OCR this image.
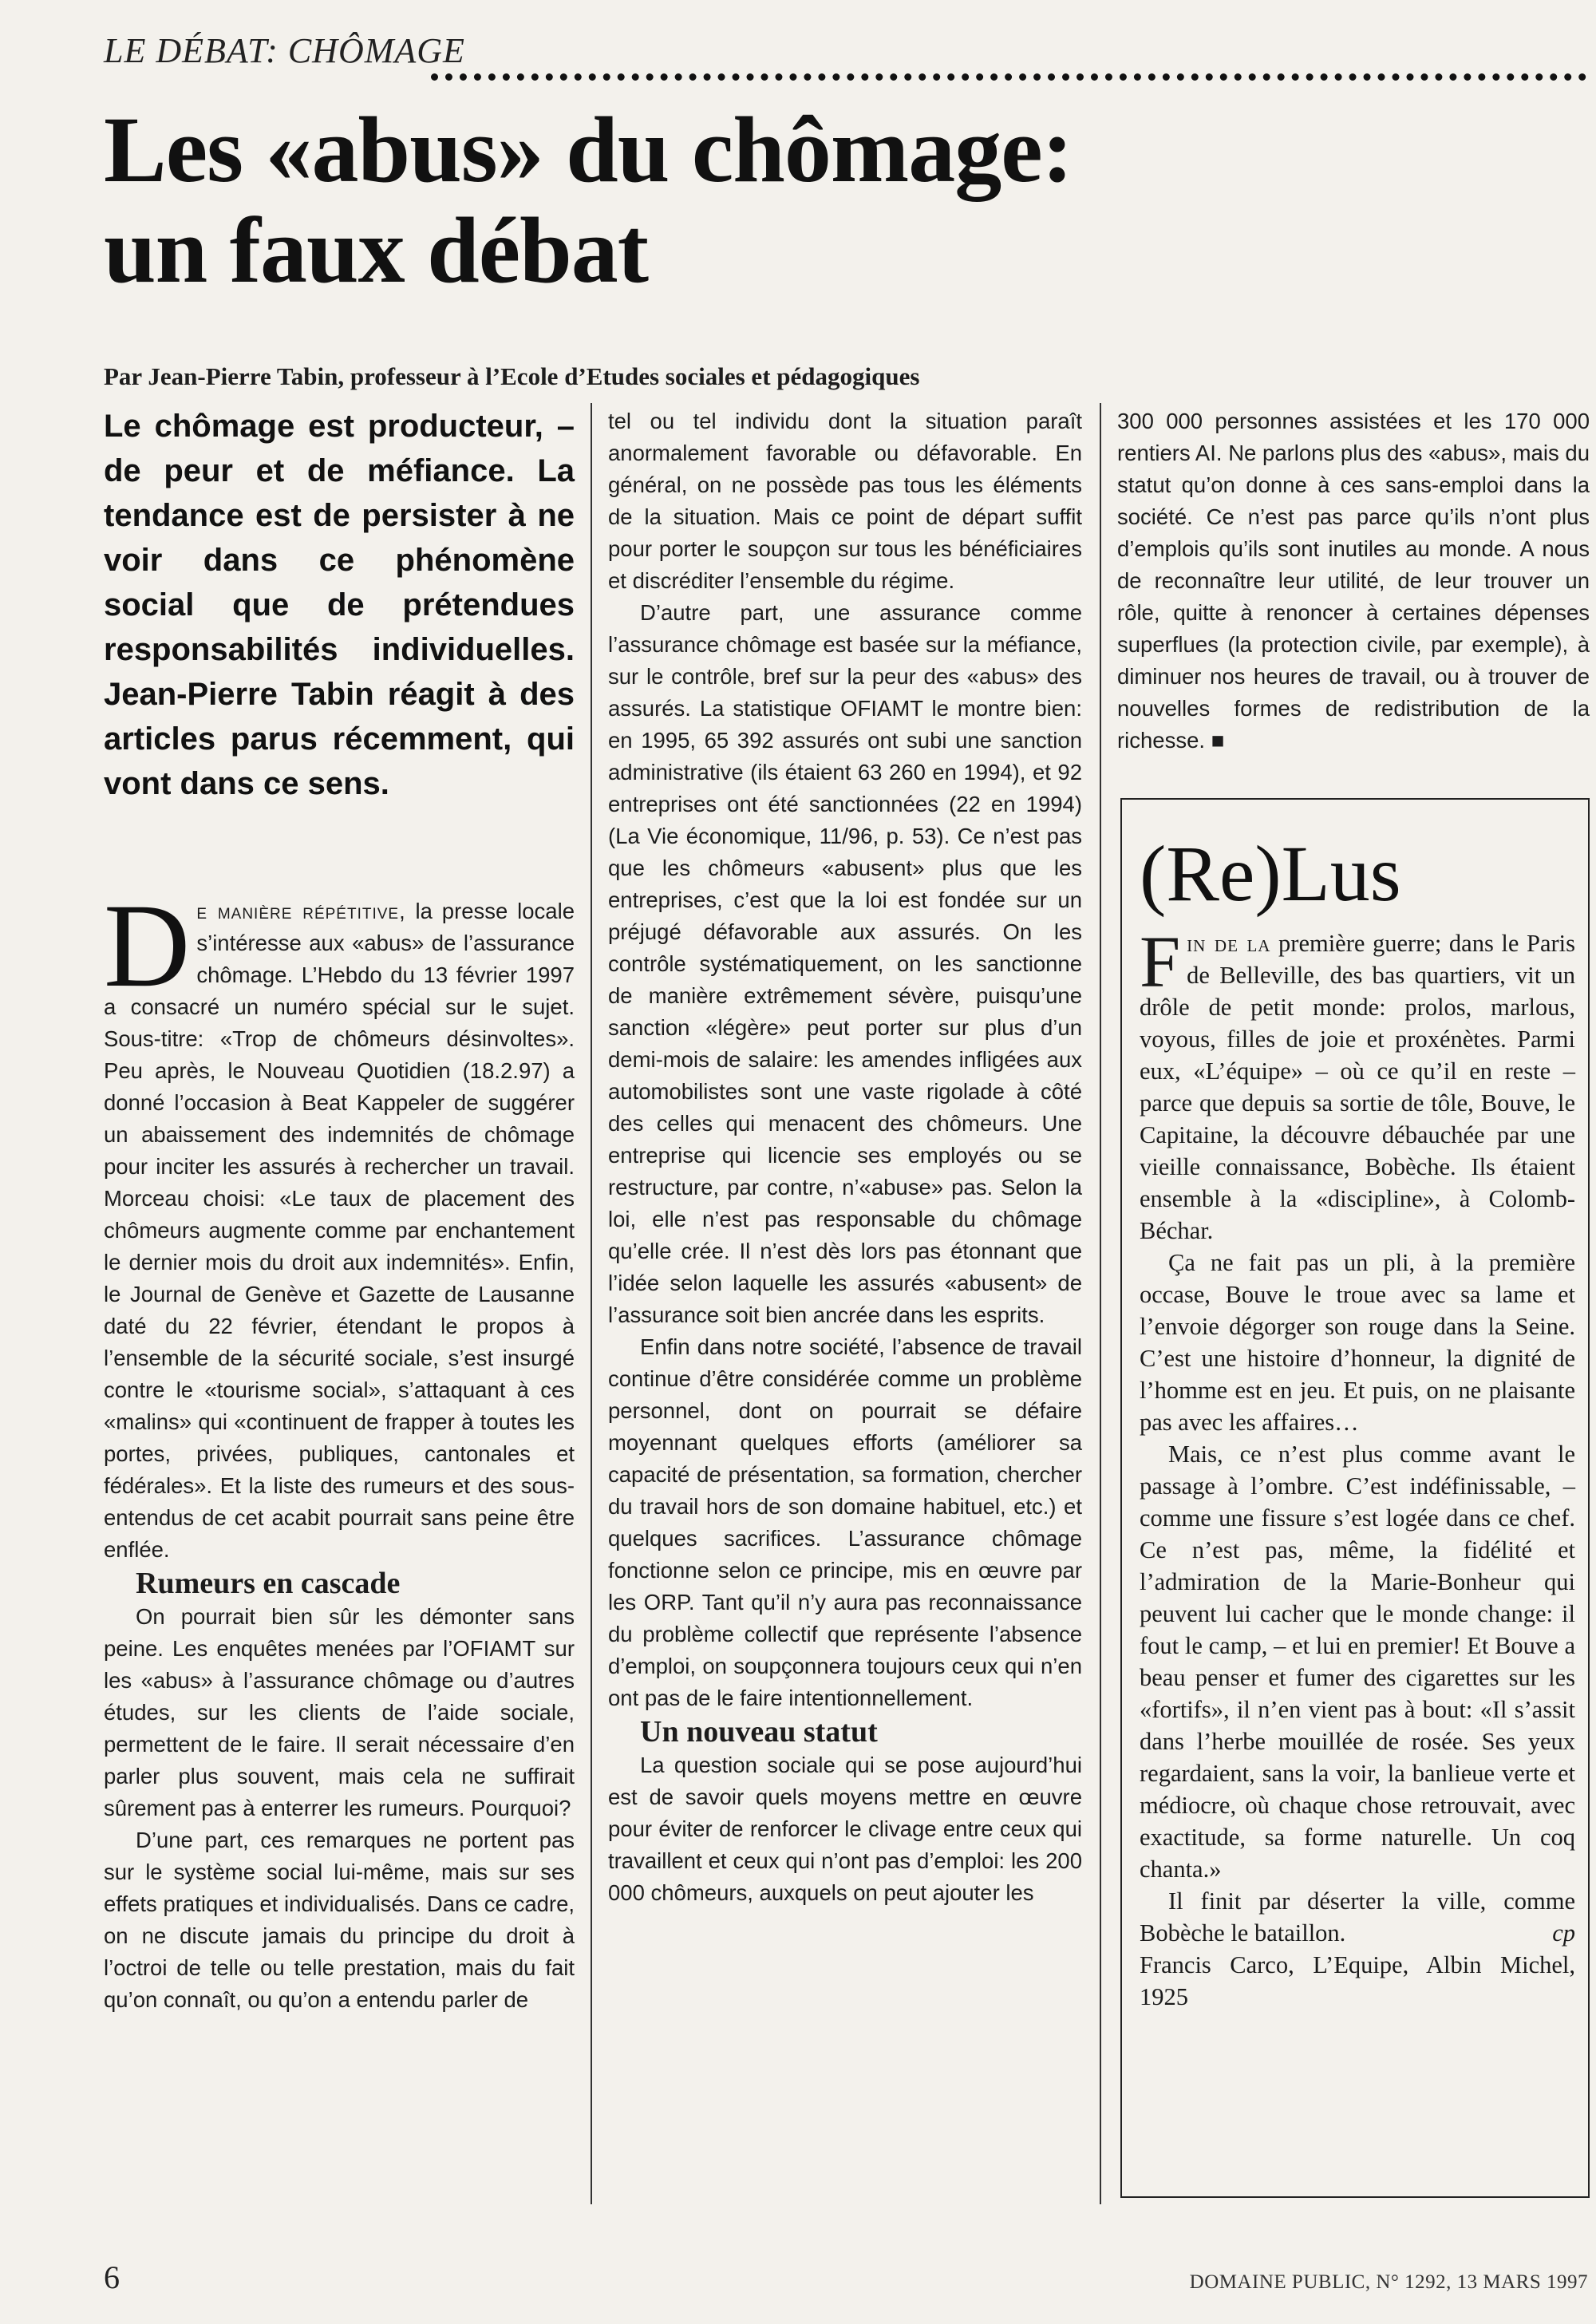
LE DÉBAT: CHÔMAGE
Les «abus» du chômage:
un faux débat
Par Jean-Pierre Tabin, professeur à l’Ecole d’Etudes sociales et pédagogiques
Le chômage est producteur, – de peur et de méfiance. La tendance est de persister à ne voir dans ce phénomène social que de prétendues responsabilités individuelles. Jean-Pierre Tabin réagit à des articles parus récemment, qui vont dans ce sens.

De manière répétitive, la presse locale s’intéresse aux «abus» de l’assurance chômage. L’Hebdo du 13 février 1997 a consacré un numéro spécial sur le sujet. Sous-titre: «Trop de chômeurs désinvoltes». Peu après, le Nouveau Quotidien (18.2.97) a donné l’occasion à Beat Kappeler de suggérer un abaissement des indemnités de chômage pour inciter les assurés à rechercher un travail. Morceau choisi: «Le taux de placement des chômeurs augmente comme par enchantement le dernier mois du droit aux indemnités». Enfin, le Journal de Genève et Gazette de Lausanne daté du 22 février, étendant le propos à l’ensemble de la sécurité sociale, s’est insurgé contre le «tourisme social», s’attaquant à ces «malins» qui «continuent de frapper à toutes les portes, privées, publiques, cantonales et fédérales». Et la liste des rumeurs et des sous-entendus de cet acabit pourrait sans peine être enflée.

Rumeurs en cascade

On pourrait bien sûr les démonter sans peine. Les enquêtes menées par l’OFIAMT sur les «abus» à l’assurance chômage ou d’autres études, sur les clients de l’aide sociale, permettent de le faire. Il serait nécessaire d’en parler plus souvent, mais cela ne suffirait sûrement pas à enterrer les rumeurs. Pourquoi?

D’une part, ces remarques ne portent pas sur le système social lui-même, mais sur ses effets pratiques et individualisés. Dans ce cadre, on ne discute jamais du principe du droit à l’octroi de telle ou telle prestation, mais du fait qu’on connaît, ou qu’on a entendu parler de

tel ou tel individu dont la situation paraît anormalement favorable ou défavorable. En général, on ne possède pas tous les éléments de la situation. Mais ce point de départ suffit pour porter le soupçon sur tous les bénéficiaires et discréditer l’ensemble du régime.

D’autre part, une assurance comme l’assurance chômage est basée sur la méfiance, sur le contrôle, bref sur la peur des «abus» des assurés. La statistique OFIAMT le montre bien: en 1995, 65 392 assurés ont subi une sanction administrative (ils étaient 63 260 en 1994), et 92 entreprises ont été sanctionnées (22 en 1994) (La Vie économique, 11/96, p. 53). Ce n’est pas que les chômeurs «abusent» plus que les entreprises, c’est que la loi est fondée sur un préjugé défavorable aux assurés. On les contrôle systématiquement, on les sanctionne de manière extrêmement sévère, puisqu’une sanction «légère» peut porter sur plus d’un demi-mois de salaire: les amendes infligées aux automobilistes sont une vaste rigolade à côté des celles qui menacent des chômeurs. Une entreprise qui licencie ses employés ou se restructure, par contre, n’«abuse» pas. Selon la loi, elle n’est pas responsable du chômage qu’elle crée. Il n’est dès lors pas étonnant que l’idée selon laquelle les assurés «abusent» de l’assurance soit bien ancrée dans les esprits.

Enfin dans notre société, l’absence de travail continue d’être considérée comme un problème personnel, dont on pourrait se défaire moyennant quelques efforts (améliorer sa capacité de présentation, sa formation, chercher du travail hors de son domaine habituel, etc.) et quelques sacrifices. L’assurance chômage fonctionne selon ce principe, mis en œuvre par les ORP. Tant qu’il n’y aura pas reconnaissance du problème collectif que représente l’absence d’emploi, on soupçonnera toujours ceux qui n’en ont pas de le faire intentionnellement.

Un nouveau statut

La question sociale qui se pose aujourd’hui est de savoir quels moyens mettre en œuvre pour éviter de renforcer le clivage entre ceux qui travaillent et ceux qui n’ont pas d’emploi: les 200 000 chômeurs, auxquels on peut ajouter les

300 000 personnes assistées et les 170 000 rentiers AI. Ne parlons plus des «abus», mais du statut qu’on donne à ces sans-emploi dans la société. Ce n’est pas parce qu’ils n’ont plus d’emplois qu’ils sont inutiles au monde. A nous de reconnaître leur utilité, de leur trouver un rôle, quitte à renoncer à certaines dépenses superflues (la protection civile, par exemple), à diminuer nos heures de travail, ou à trouver de nouvelles formes de redistribution de la richesse. ■

(Re)Lus

Fin de la première guerre; dans le Paris de Belleville, des bas quartiers, vit un drôle de petit monde: prolos, marlous, voyous, filles de joie et proxénètes. Parmi eux, «L’équipe» – où ce qu’il en reste – parce que depuis sa sortie de tôle, Bouve, le Capitaine, la découvre débauchée par une vieille connaissance, Bobèche. Ils étaient ensemble à la «discipline», à Colomb-Béchar.

Ça ne fait pas un pli, à la première occase, Bouve le troue avec sa lame et l’envoie dégorger son rouge dans la Seine. C’est une histoire d’honneur, la dignité de l’homme est en jeu. Et puis, on ne plaisante pas avec les affaires…

Mais, ce n’est plus comme avant le passage à l’ombre. C’est indéfinissable, – comme une fissure s’est logée dans ce chef. Ce n’est pas, même, la fidélité et l’admiration de la Marie-Bonheur qui peuvent lui cacher que le monde change: il fout le camp, – et lui en premier! Et Bouve a beau penser et fumer des cigarettes sur les «fortifs», il n’en vient pas à bout: «Il s’assit dans l’herbe mouillée de rosée. Ses yeux regardaient, sans la voir, la banlieue verte et médiocre, où chaque chose retrouvait, avec exactitude, sa forme naturelle. Un coq chanta.»

Il finit par déserter la ville, comme Bobèche le bataillon.	cp

Francis Carco, L’Equipe, Albin Michel, 1925

6	DOMAINE PUBLIC, N° 1292, 13 MARS 1997
